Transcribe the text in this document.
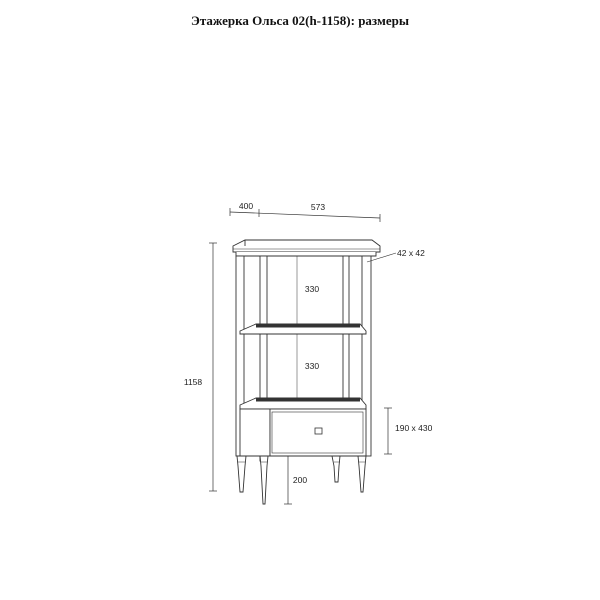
Этажерка Ольса 02(h-1158): размеры
400	573
42 x 42
1158
330
330
190 x 430
200
